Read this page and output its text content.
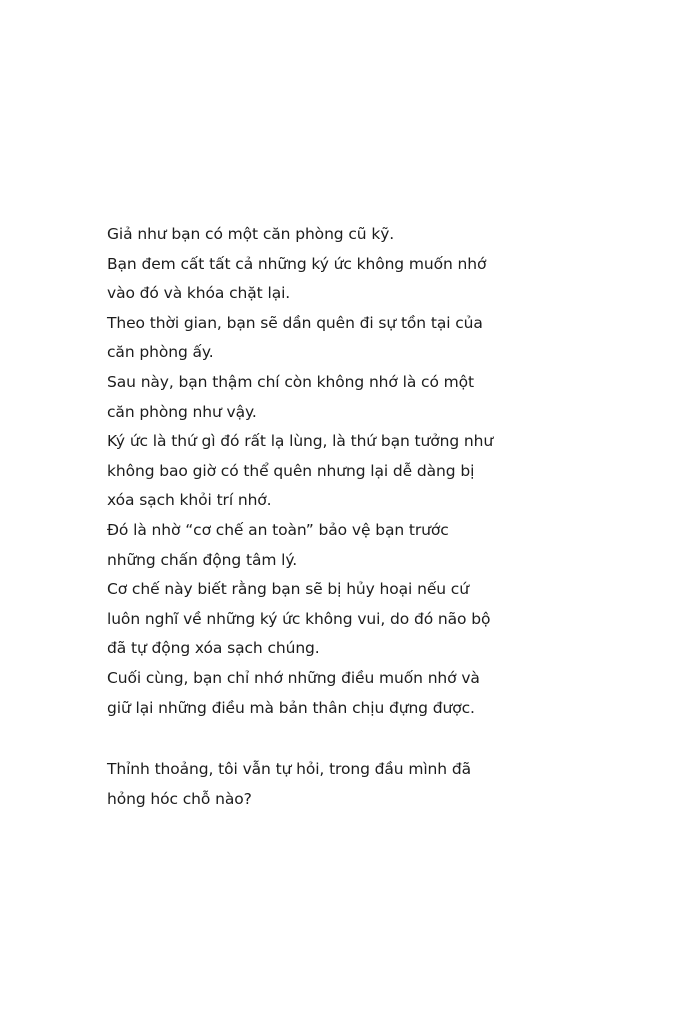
Giả như bạn có một căn phòng cũ kỹ.
Bạn đem cất tất cả những ký ức không muốn nhớ
vào đó và khóa chặt lại.
Theo thời gian, bạn sẽ dần quên đi sự tồn tại của
căn phòng ấy.
Sau này, bạn thậm chí còn không nhớ là có một
căn phòng như vậy.
Ký ức là thứ gì đó rất lạ lùng, là thứ bạn tưởng như
không bao giờ có thể quên nhưng lại dễ dàng bị
xóa sạch khỏi trí nhớ.
Đó là nhờ “cơ chế an toàn” bảo vệ bạn trước
những chấn động tâm lý.
Cơ chế này biết rằng bạn sẽ bị hủy hoại nếu cứ
luôn nghĩ về những ký ức không vui, do đó não bộ
đã tự động xóa sạch chúng.
Cuối cùng, bạn chỉ nhớ những điều muốn nhớ và
giữ lại những điều mà bản thân chịu đựng được.
Thỉnh thoảng, tôi vẫn tự hỏi, trong đầu mình đã
hỏng hóc chỗ nào?
